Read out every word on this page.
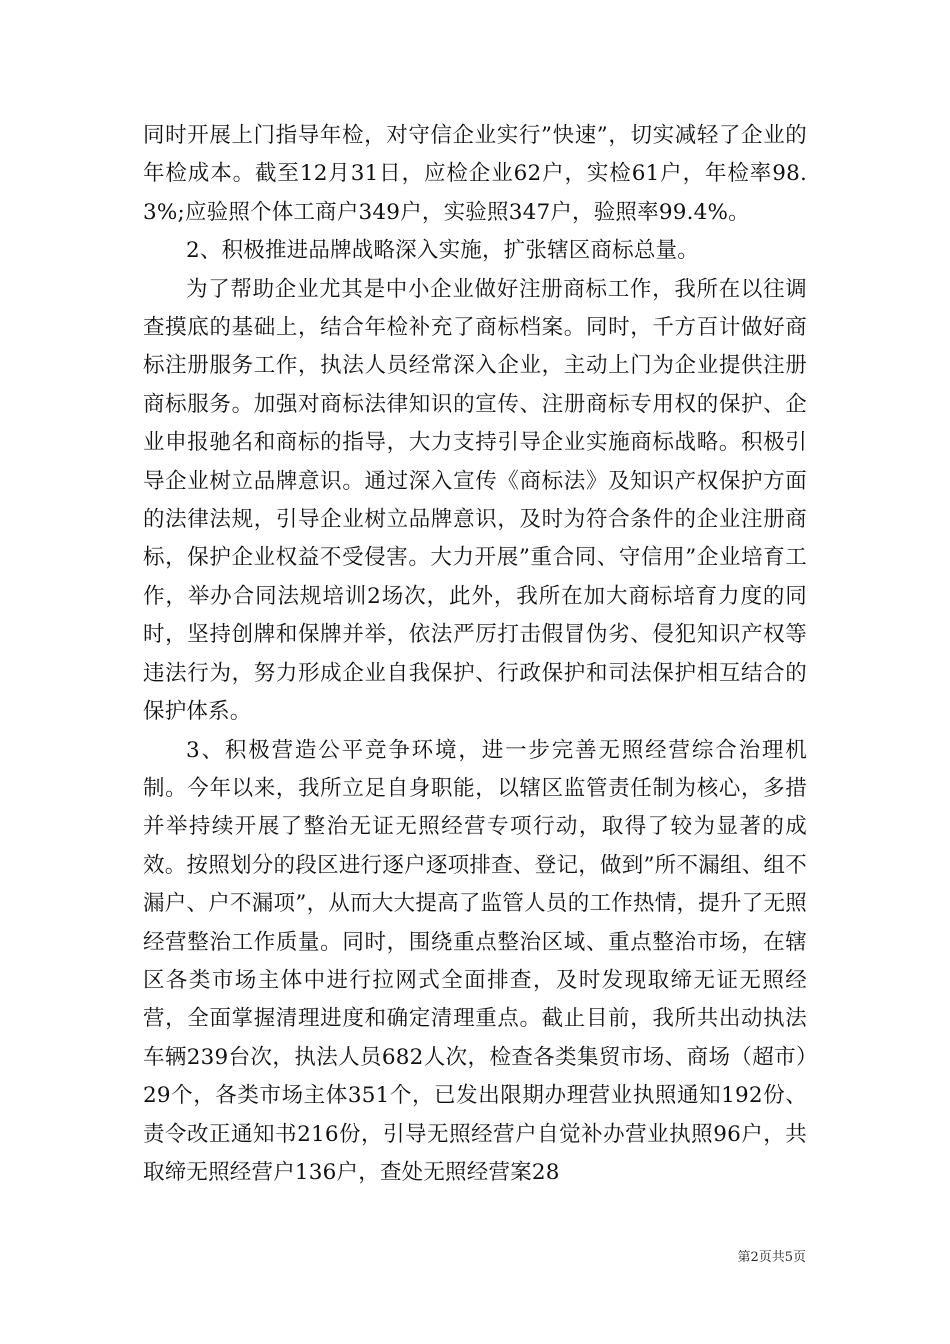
同时开展上门指导年检，对守信企业实行”快速”，切实减轻了企业的年检成本。截至12月31日，应检企业62户，实检61户，年检率98.3%;应验照个体工商户349户，实验照347户，验照率99.4%。

2、积极推进品牌战略深入实施，扩张辖区商标总量。

为了帮助企业尤其是中小企业做好注册商标工作，我所在以往调查摸底的基础上，结合年检补充了商标档案。同时，千方百计做好商标注册服务工作，执法人员经常深入企业，主动上门为企业提供注册商标服务。加强对商标法律知识的宣传、注册商标专用权的保护、企业申报驰名和商标的指导，大力支持引导企业实施商标战略。积极引导企业树立品牌意识。通过深入宣传《商标法》及知识产权保护方面的法律法规，引导企业树立品牌意识，及时为符合条件的企业注册商标，保护企业权益不受侵害。大力开展”重合同、守信用”企业培育工作，举办合同法规培训2场次，此外，我所在加大商标培育力度的同时，坚持创牌和保牌并举，依法严厉打击假冒伪劣、侵犯知识产权等违法行为，努力形成企业自我保护、行政保护和司法保护相互结合的保护体系。

3、积极营造公平竞争环境，进一步完善无照经营综合治理机制。今年以来，我所立足自身职能，以辖区监管责任制为核心，多措并举持续开展了整治无证无照经营专项行动，取得了较为显著的成效。按照划分的段区进行逐户逐项排查、登记，做到”所不漏组、组不漏户、户不漏项”，从而大大提高了监管人员的工作热情，提升了无照经营整治工作质量。同时，围绕重点整治区域、重点整治市场，在辖区各类市场主体中进行拉网式全面排查，及时发现取缔无证无照经营，全面掌握清理进度和确定清理重点。截止目前，我所共出动执法车辆239台次，执法人员682人次，检查各类集贸市场、商场（超市）29个，各类市场主体351个，已发出限期办理营业执照通知192份、责令改正通知书216份，引导无照经营户自觉补办营业执照96户，共取缔无照经营户136户，查处无照经营案28

第2页共5页
